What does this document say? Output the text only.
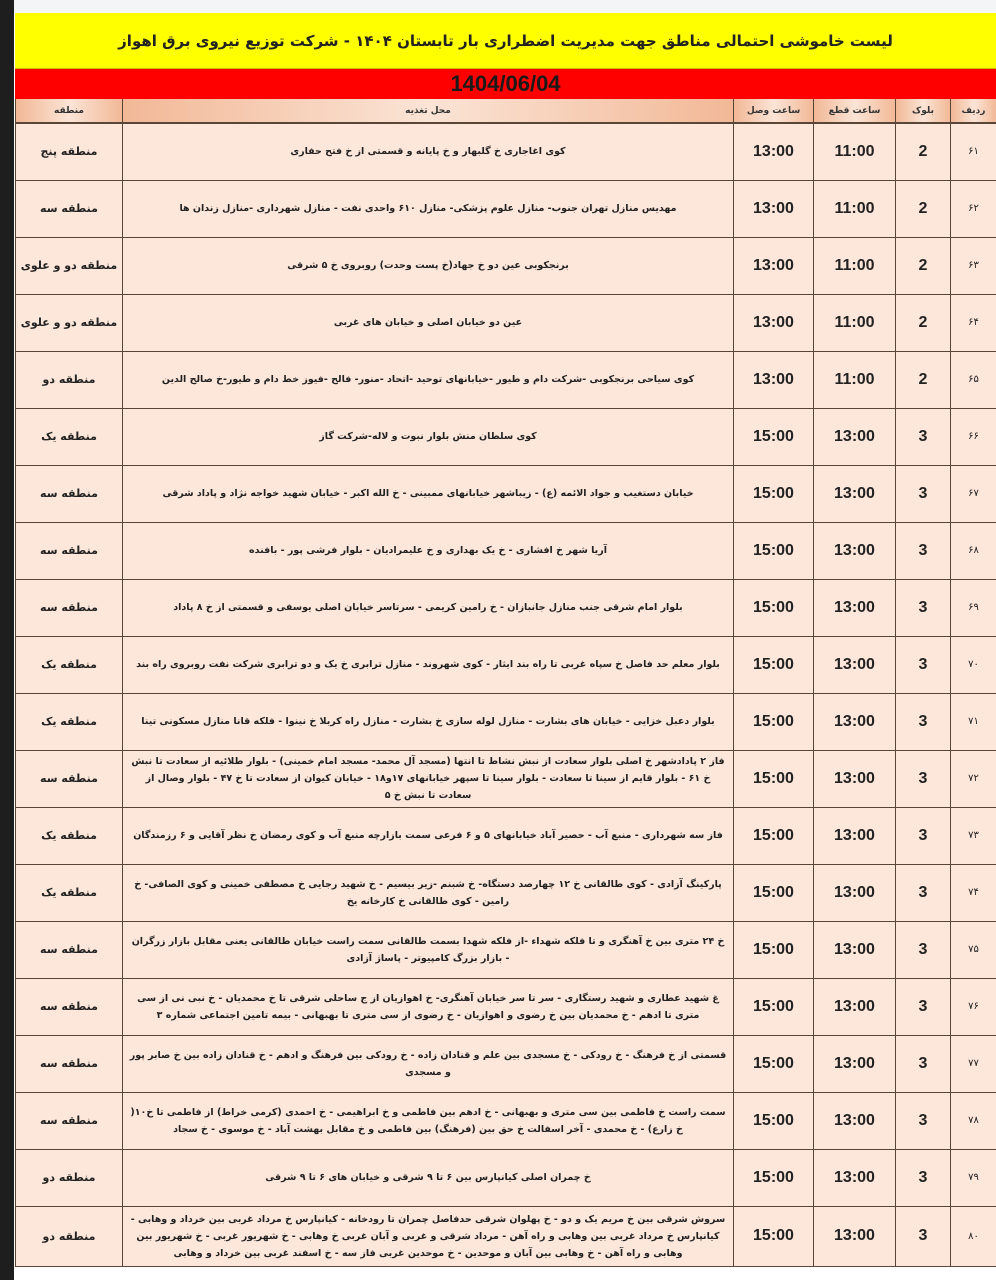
لیست خاموشی احتمالی مناطق جهت مدیریت اضطراری بار تابستان ۱۴۰۴ - شرکت توزیع نیروی برق اهواز
1404/06/04
منطقه	محل تغذیه	ساعت وصل	ساعت قطع	بلوک	ردیف
منطقه پنج	کوی اغاجاری خ گلبهار و خ پایانه و قسمتی از خ فتح حفاری	13:00	11:00	2	۶۱
منطقه سه	مهدیس منازل تهران جنوب- منازل علوم پزشکی- منازل ۶۱۰ واحدی نفت - منازل شهرداری -منازل زندان ها	13:00	11:00	2	۶۲
منطقه دو و علوی	برنجکوبی عین دو خ جهاد(خ پست وحدت) روبروی خ ۵ شرقی	13:00	11:00	2	۶۳
منطقه دو و علوی	عین دو خیابان اصلی و خیابان های غربی	13:00	11:00	2	۶۴
منطقه دو	کوی سیاحی برنجکوبی -شرکت دام و طیور -خیابانهای توحید -اتحاد -منور- فالح -فیوز خط دام و طیور-خ صالح الدین	13:00	11:00	2	۶۵
منطقه یک	کوی سلطان منش بلوار نبوت و لاله-شرکت گاز	15:00	13:00	3	۶۶
منطقه سه	خیابان دستغیب و جواد الائمه (ع) - زیباشهر خیابانهای ممبینی - خ الله اکبر - خیابان شهید خواجه نژاد و پاداد شرقی	15:00	13:00	3	۶۷
منطقه سه	آریا شهر خ افشاری - خ یک بهداری و خ علیمرادیان - بلوار فرشی پور - بافنده	15:00	13:00	3	۶۸
منطقه سه	بلوار امام شرقی جنب منازل جانبازان - خ رامین کریمی - سرتاسر خیابان اصلی یوسفی و قسمتی از خ ۸ پاداد	15:00	13:00	3	۶۹
منطقه یک	بلوار معلم حد فاصل خ سپاه غربی تا راه بند ایثار - کوی شهروند - منازل ترابری خ یک و دو ترابری شرکت نفت روبروی راه بند	15:00	13:00	3	۷۰
منطقه یک	بلوار دعبل خزایی - خیابان های بشارت - منازل لوله سازی خ بشارت - منازل راه کربلا خ نینوا - فلکه قانا منازل مسکونی تینا	15:00	13:00	3	۷۱
منطقه سه	فاز ۲ پادادشهر خ اصلی بلوار سعادت از نبش نشاط تا انتها (مسجد آل محمد- مسجد امام خمینی) - بلوار طلائیه از سعادت تا نبش خ ۶۱ - بلوار قایم از سینا تا سعادت - بلوار سینا تا سپهر خیابانهای ۱۷و۱۸ - خیابان کیوان از سعادت تا خ ۴۷ - بلوار وصال از سعادت تا نبش خ ۵	15:00	13:00	3	۷۲
منطقه یک	فاز سه شهرداری - منبع آب - حصیر آباد خیابانهای ۵ و ۶ فرعی سمت بازارچه منبع آب و کوی رمضان خ نظر آقایی و ۶ رزمندگان	15:00	13:00	3	۷۳
منطقه یک	پارکینگ آزادی - کوی طالقانی خ ۱۲ چهارصد دستگاه- خ شبنم -زیر بیسیم - خ شهید رجایی خ مصطفی خمینی و کوی الصافی- خ رامین - کوی طالقانی خ کارخانه یخ	15:00	13:00	3	۷۴
منطقه سه	خ ۲۴ متری بین خ آهنگری و تا فلکه شهداء -از فلکه شهدا بسمت طالقانی سمت راست خیابان طالقانی یعنی مقابل بازار زرگران - بازار بزرگ کامپیوتر - پاساژ آزادی	15:00	13:00	3	۷۵
منطقه سه	غ شهید عطاری و شهید رستگاری - سر تا سر خیابان آهنگری- خ اهوازیان از ج ساحلی شرقی تا خ محمدیان - خ نبی نی از سی متری تا ادهم - خ محمدیان بین خ رضوی و اهوازیان - خ رضوی از سی متری تا بهبهانی - بیمه تامین اجتماعی شماره ۳	15:00	13:00	3	۷۶
منطقه سه	قسمتی از خ فرهنگ - خ رودکی - خ مسجدی بین علم و قنادان زاده - خ رودکی بین فرهنگ و ادهم - خ قنادان زاده بین خ صابر پور و مسجدی	15:00	13:00	3	۷۷
منطقه سه	سمت راست خ فاطمی بین سی متری و بهبهانی - خ ادهم بین فاطمی و خ ابراهیمی - خ احمدی (کرمی خراط) از فاطمی تا خ۱۰( خ زارع) - خ محمدی - آخر اسفالت خ حق بین (فرهنگ) بین فاطمی و خ مقابل بهشت آباد - خ موسوی - خ سجاد	15:00	13:00	3	۷۸
منطقه دو	خ چمران اصلی کیانپارس بین ۶ تا ۹ شرقی و خیابان های ۶ تا ۹ شرقی	15:00	13:00	3	۷۹
منطقه دو	سروش شرقی بین خ مریم یک و دو - خ پهلوان شرقی حدفاصل چمران تا رودخانه - کیانپارس خ مرداد غربی بین خرداد و وهابی - کیانپارس خ مرداد غربی بین وهابی و راه آهن - مرداد شرقی و غربی و آبان غربی خ وهابی - خ شهریور غربی - خ شهریور بین وهابی و راه آهن - خ وهابی بین آبان و موحدین - خ موحدین غربی فاز سه - خ اسفند غربی بین خرداد و وهابی	15:00	13:00	3	۸۰
